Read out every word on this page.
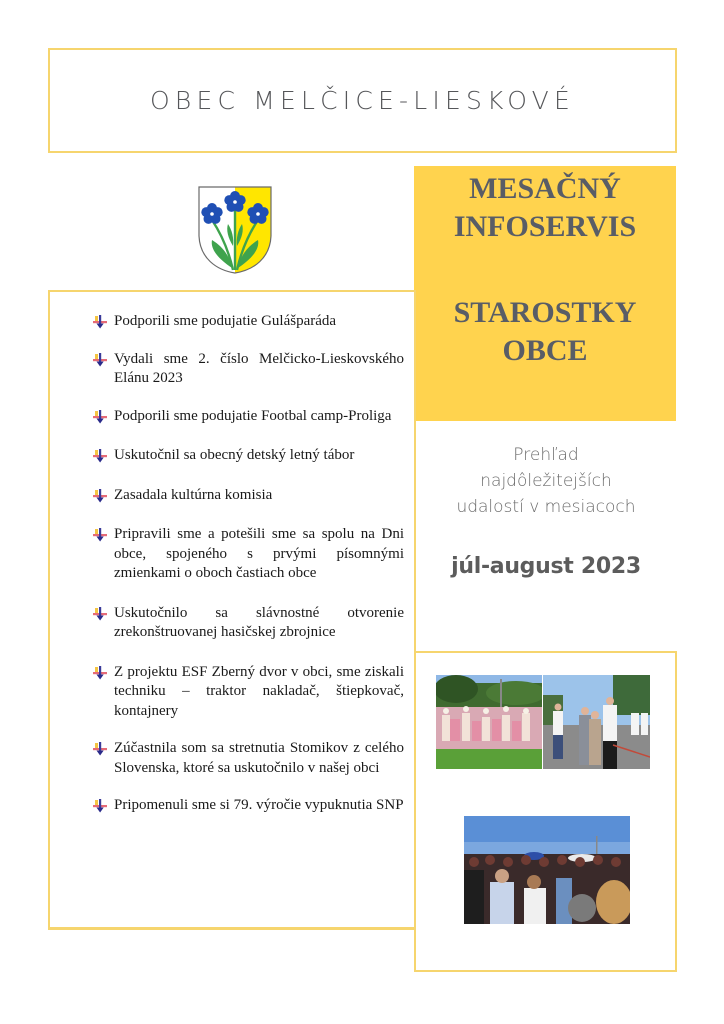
OBEC MELČICE-LIESKOVÉ
MESAČNÝ
INFOSERVIS
STAROSTKY
OBCE
Podporili sme podujatie Gulášparáda
Vydali sme 2. číslo Melčicko-Lieskovského Elánu 2023
Podporili sme podujatie Footbal camp-Proliga
Uskutočnil sa obecný detský letný tábor
Zasadala kultúrna komisia
Pripravili sme a potešili sme sa spolu na Dni obce, spojeného s prvými písomnými zmienkami o oboch častiach obce
Uskutočnilo sa slávnostné otvorenie zrekonštruovanej hasičskej zbrojnice
Z projektu ESF Zberný dvor v obci, sme ziskali techniku – traktor nakladač, štiepkovač, kontajnery
Zúčastnila som sa stretnutia Stomikov z celého Slovenska, ktoré sa uskutočnilo v našej obci
Pripomenuli sme si 79. výročie vypuknutia SNP
Prehľad
najdôležitejších
udalostí v mesiacoch
júl-august 2023
